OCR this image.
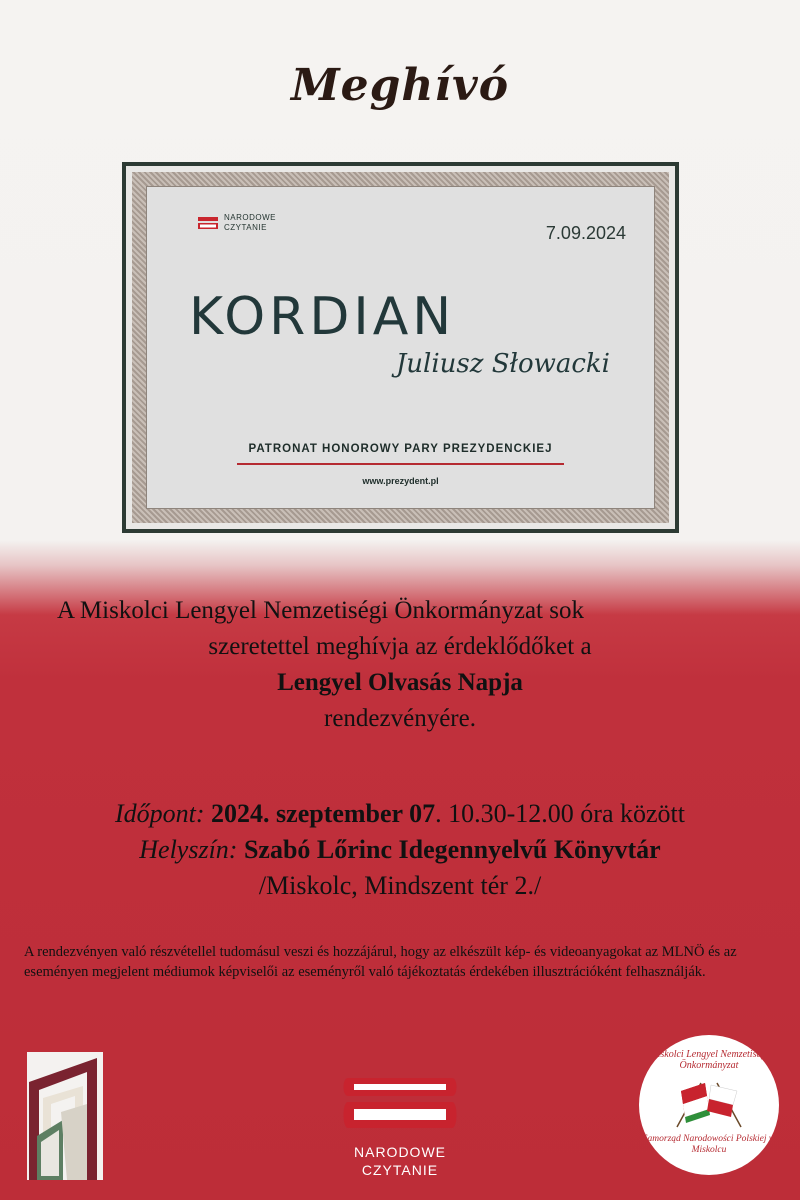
Meghívó
NARODOWE
CZYTANIE	7.09.2024
KORDIAN
Juliusz Słowacki
PATRONAT HONOROWY PARY PREZYDENCKIEJ
www.prezydent.pl
A Miskolci Lengyel Nemzetiségi Önkormányzat sok
szeretettel meghívja az érdeklődőket a
Lengyel Olvasás Napja
rendezvényére.
Időpont: 2024. szeptember 07. 10.30-12.00 óra között
Helyszín: Szabó Lőrinc Idegennyelvű Könyvtár
/Miskolc, Mindszent tér 2./
A rendezvényen való részvétellel tudomásul veszi és hozzájárul, hogy az elkészült kép- és videoanyagokat az MLNÖ és az eseményen megjelent médiumok képviselői az eseményről való tájékoztatás érdekében illusztrációként felhasználják.
NARODOWE
CZYTANIE
Miskolci Lengyel Nemzetiségi Önkormányzat
Samorząd Narodowości Polskiej w Miskolcu
